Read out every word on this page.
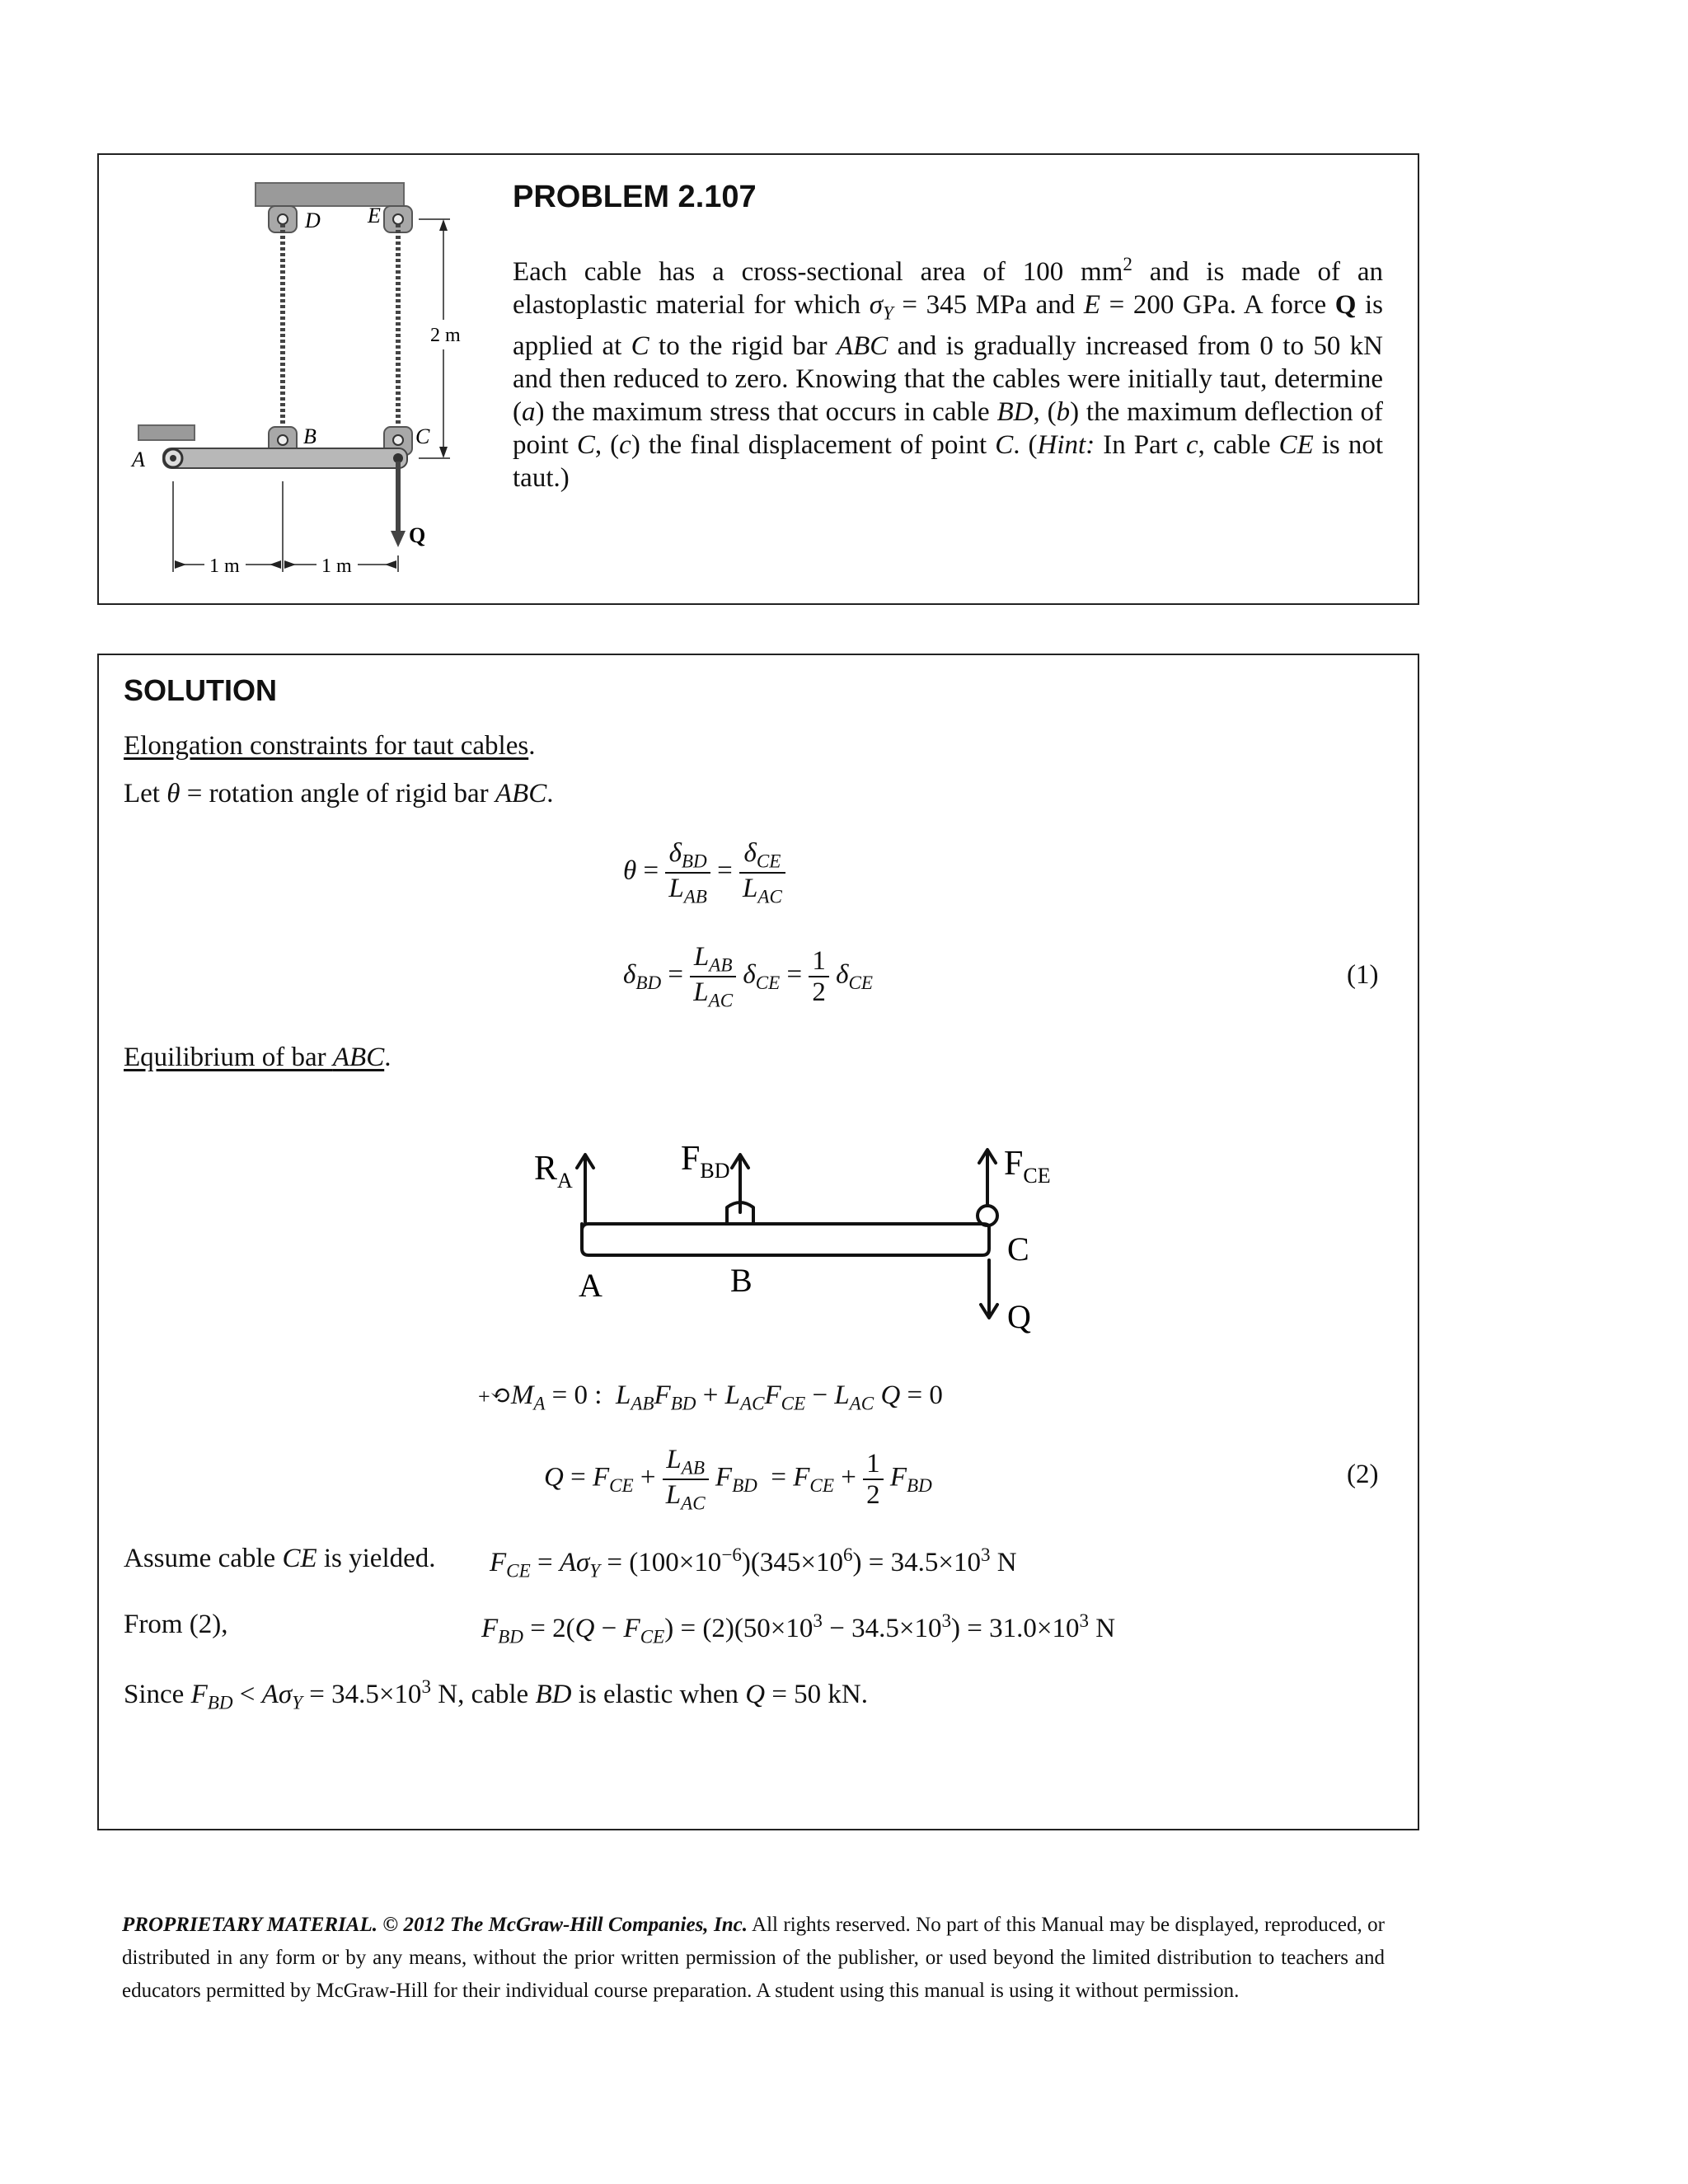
D E
B	C
A
Q
2 m
1 m	1 m
PROBLEM 2.107
Each cable has a cross-sectional area of 100 $mm^2$ and is made of an elastoplastic material for which $\sigma_Y = 345$ MPa and E = 200 GPa. A force Q is applied at C to the rigid bar ABC and is gradually increased from 0 to 50 kN and then reduced to zero. Knowing that the cables were initially taut, determine (a) the maximum stress that occurs in cable BD, (b) the maximum deflection of point C, (c) the final displacement of point C. (Hint: In Part c, cable CE is not taut.)
SOLUTION
Elongation constraints for taut cables.
Let θ = rotation angle of rigid bar ABC.
$\theta = \frac{\delta_{BD}}{L_{AB}} = \frac{\delta_{CE}}{L_{AC}}$
$\delta_{BD} = \frac{L_{AB}}{L_{AC}} \delta_{CE} = \frac{1}{2} \delta_{CE}$	(1)
Equilibrium of bar ABC.
$R_A$
$F_{BD}$	$F_{CE}$
A	B
C
Q
$+⟲M_A = 0$ :  $L_{AB}F_{BD} + L_{AC}F_{CE} - L_{AC}$ Q = 0
$Q = F_{CE} + \frac{L_{AB}}{L_{AC}} F_{BD} = F_{CE} + \frac{1}{2} F_{BD}$	(2)
Assume cable CE is yielded. $F_{CE} = A\sigma_Y = (100\times 10^{-6})(345\times 10^6) = 34.5\times 10^3$ N
From (2),	$F_{BD} = 2(Q - F_{CE}) = (2)(50\times 10^3 - 34.5\times 10^3) = 31.0\times 10^3$ N
Since $F_{BD} < A\sigma_Y = 34.5\times 10^3$ N, cable BD is elastic when Q = 50 kN.
PROPRIETARY MATERIAL. © 2012 The McGraw-Hill Companies, Inc. All rights reserved. No part of this Manual may be displayed, reproduced, or distributed in any form or by any means, without the prior written permission of the publisher, or used beyond the limited distribution to teachers and educators permitted by McGraw-Hill for their individual course preparation. A student using this manual is using it without permission.
